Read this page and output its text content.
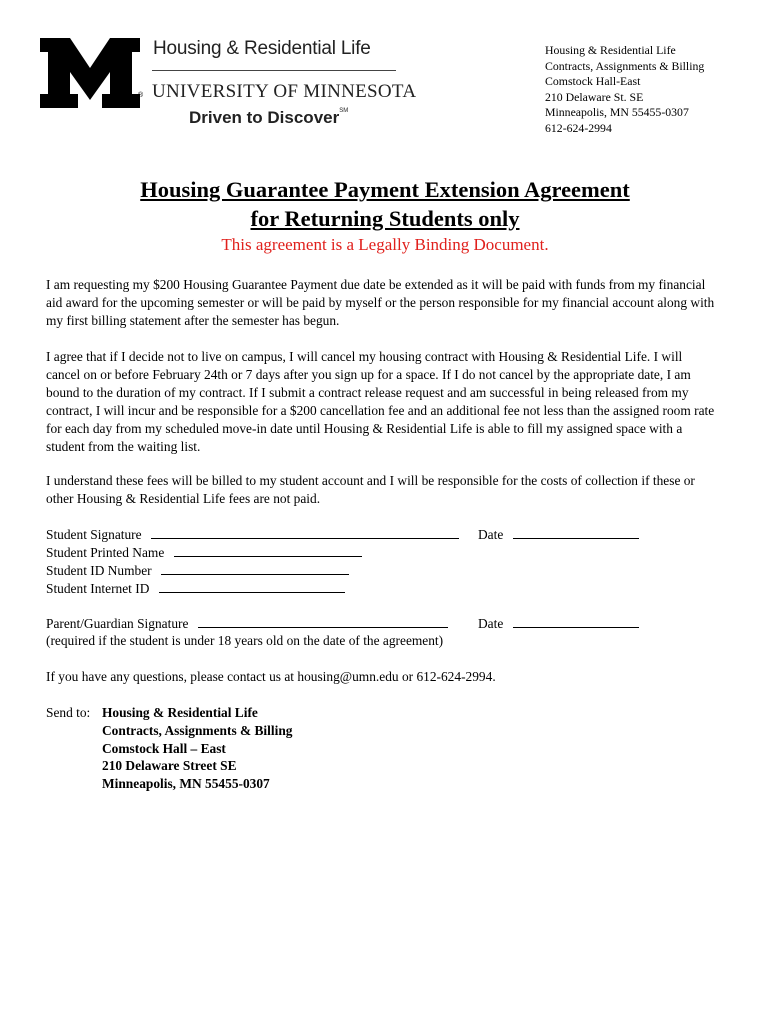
®
Housing & Residential Life
UNIVERSITY OF MINNESOTA
Driven to Discover℠
Housing & Residential Life
Contracts, Assignments & Billing
Comstock Hall-East
210 Delaware St. SE
Minneapolis, MN 55455-0307
612-624-2994
Housing Guarantee Payment Extension Agreement
for Returning Students only
This agreement is a Legally Binding Document.

I am requesting my $200 Housing Guarantee Payment due date be extended as it will be paid with funds from my financial aid award for the upcoming semester or will be paid by myself or the person responsible for my financial account along with my first billing statement after the semester has begun.

I agree that if I decide not to live on campus, I will cancel my housing contract with Housing & Residential Life. I will cancel on or before February 24th or 7 days after you sign up for a space. If I do not cancel by the appropriate date, I am bound to the duration of my contract. If I submit a contract release request and am successful in being released from my contract, I will incur and be responsible for a $200 cancellation fee and an additional fee not less than the assigned room rate for each day from my scheduled move-in date until Housing & Residential Life is able to fill my assigned space with a student from the waiting list.

I understand these fees will be billed to my student account and I will be responsible for the costs of collection if these or other Housing & Residential Life fees are not paid.

Student Signature	Date
Student Printed Name
Student ID Number
Student Internet ID
Parent/Guardian Signature	Date
(required if the student is under 18 years old on the date of the agreement)
If you have any questions, please contact us at housing@umn.edu or 612-624-2994.
Send to: Housing & Residential Life
Contracts, Assignments & Billing
Comstock Hall – East
210 Delaware Street SE
Minneapolis, MN 55455-0307
